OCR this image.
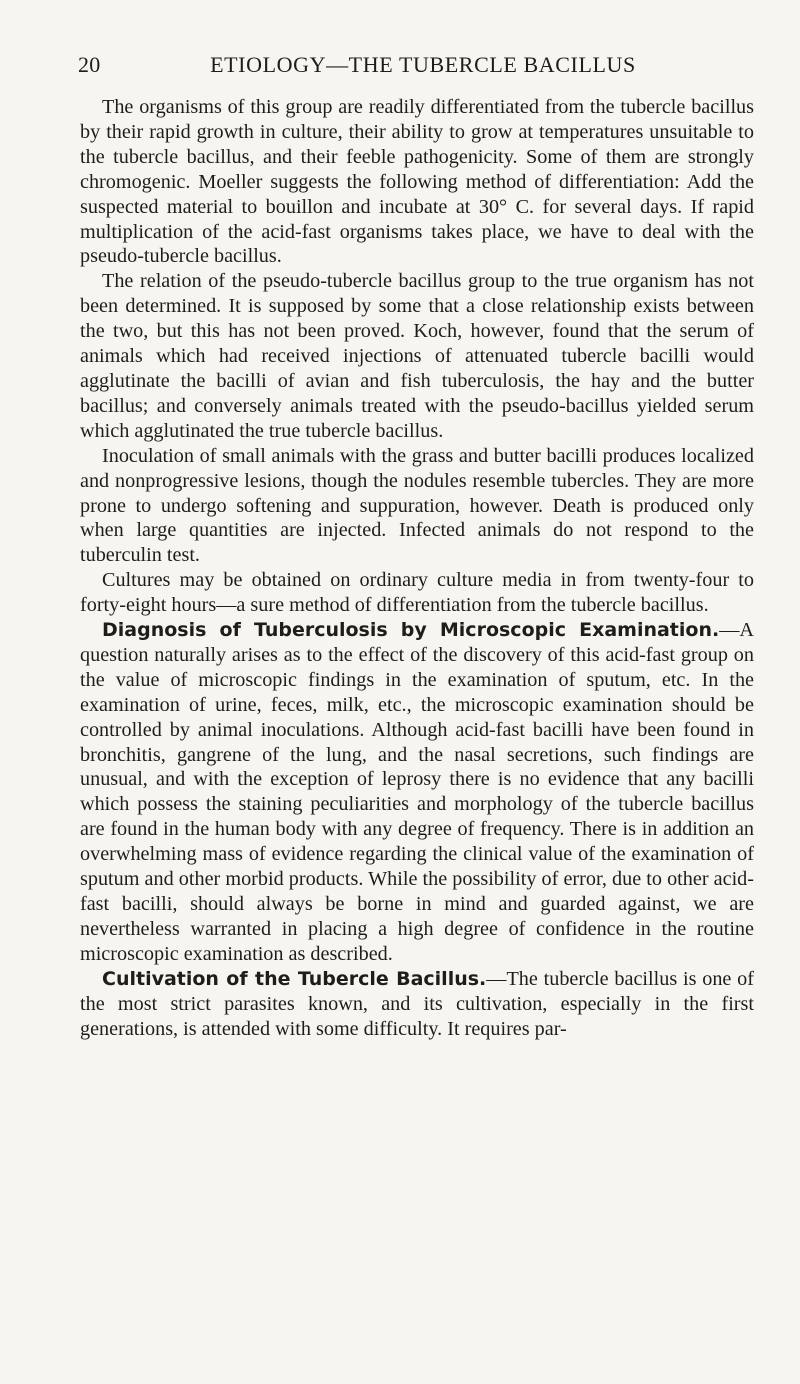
20	ETIOLOGY—THE TUBERCLE BACILLUS

The organisms of this group are readily differentiated from the tubercle bacillus by their rapid growth in culture, their ability to grow at temperatures unsuitable to the tubercle bacillus, and their feeble pathogenicity. Some of them are strongly chromogenic. Moeller suggests the following method of differentiation: Add the suspected material to bouillon and incubate at 30° C. for several days. If rapid multiplication of the acid-fast organisms takes place, we have to deal with the pseudo-tubercle bacillus.

The relation of the pseudo-tubercle bacillus group to the true organism has not been determined. It is supposed by some that a close relationship exists between the two, but this has not been proved. Koch, however, found that the serum of animals which had received injections of attenuated tubercle bacilli would agglutinate the bacilli of avian and fish tuberculosis, the hay and the butter bacillus; and conversely animals treated with the pseudo-bacillus yielded serum which agglutinated the true tubercle bacillus.

Inoculation of small animals with the grass and butter bacilli produces localized and nonprogressive lesions, though the nodules resemble tubercles. They are more prone to undergo softening and suppuration, however. Death is produced only when large quantities are injected. Infected animals do not respond to the tuberculin test.

Cultures may be obtained on ordinary culture media in from twenty-four to forty-eight hours—a sure method of differentiation from the tubercle bacillus.

Diagnosis of Tuberculosis by Microscopic Examination.—A question naturally arises as to the effect of the discovery of this acid-fast group on the value of microscopic findings in the examination of sputum, etc. In the examination of urine, feces, milk, etc., the microscopic examination should be controlled by animal inoculations. Although acid-fast bacilli have been found in bronchitis, gangrene of the lung, and the nasal secretions, such findings are unusual, and with the exception of leprosy there is no evidence that any bacilli which possess the staining peculiarities and morphology of the tubercle bacillus are found in the human body with any degree of frequency. There is in addition an overwhelming mass of evidence regarding the clinical value of the examination of sputum and other morbid products. While the possibility of error, due to other acid-fast bacilli, should always be borne in mind and guarded against, we are nevertheless warranted in placing a high degree of confidence in the routine microscopic examination as described.

Cultivation of the Tubercle Bacillus.—The tubercle bacillus is one of the most strict parasites known, and its cultivation, especially in the first generations, is attended with some difficulty. It requires par-
